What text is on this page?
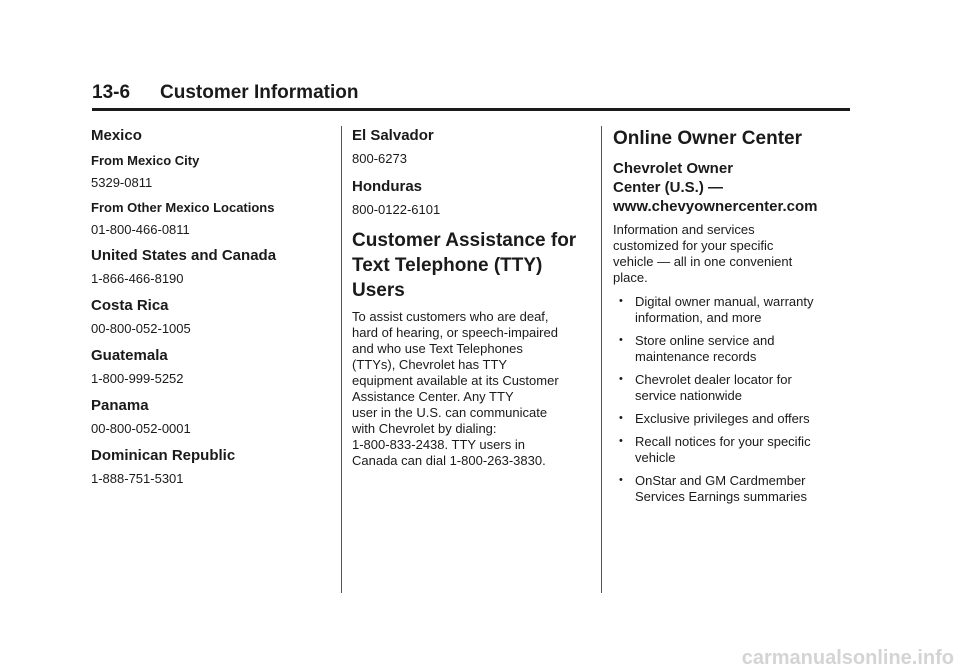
13-6 Customer Information
Mexico
From Mexico City
5329-0811
From Other Mexico Locations
01-800-466-0811
United States and Canada
1-866-466-8190
Costa Rica
00-800-052-1005
Guatemala
1-800-999-5252
Panama
00-800-052-0001
Dominican Republic
1-888-751-5301
El Salvador
800-6273
Honduras
800-0122-6101
Customer Assistance for
Text Telephone (TTY)
Users
To assist customers who are deaf,
hard of hearing, or speech-impaired
and who use Text Telephones
(TTYs), Chevrolet has TTY
equipment available at its Customer
Assistance Center. Any TTY
user in the U.S. can communicate
with Chevrolet by dialing:
1-800-833-2438. TTY users in
Canada can dial 1-800-263-3830.
Online Owner Center
Chevrolet Owner
Center (U.S.) —
www.chevyownercenter.com
Information and services
customized for your specific
vehicle — all in one convenient
place.
• Digital owner manual, warranty
information, and more
• Store online service and
maintenance records
• Chevrolet dealer locator for
service nationwide
• Exclusive privileges and offers
• Recall notices for your specific
vehicle
• OnStar and GM Cardmember
Services Earnings summaries
carmanualsonline.info
